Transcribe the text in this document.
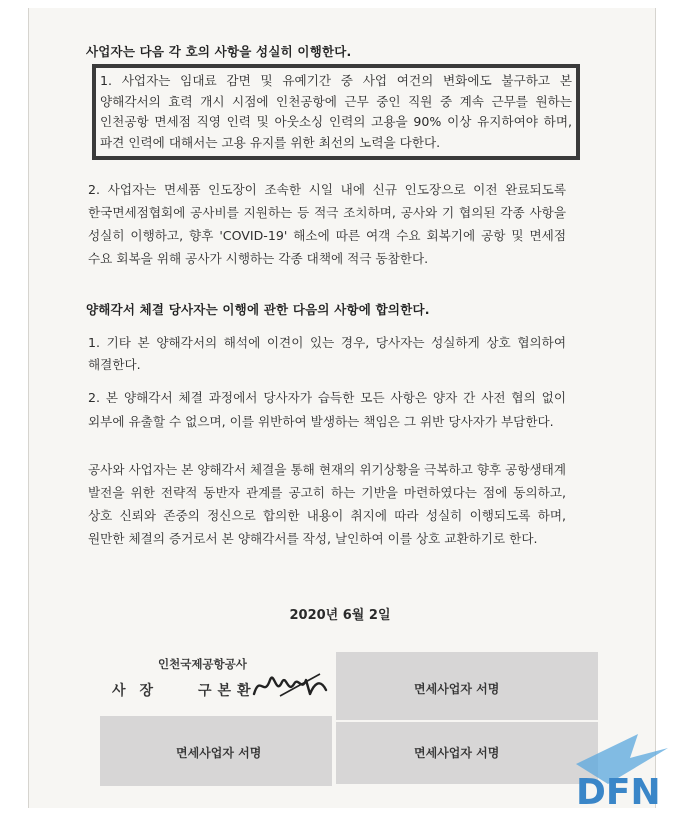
사업자는 다음 각 호의 사항을 성실히 이행한다.
1. 사업자는 임대료 감면 및 유예기간 중 사업 여건의 변화에도 불구하고 본 양해각서의 효력 개시 시점에 인천공항에 근무 중인 직원 중 계속 근무를 원하는 인천공항 면세점 직영 인력 및 아웃소싱 인력의 고용을 90% 이상 유지하여야 하며, 파견 인력에 대해서는 고용 유지를 위한 최선의 노력을 다한다.
2. 사업자는 면세품 인도장이 조속한 시일 내에 신규 인도장으로 이전 완료되도록 한국면세점협회에 공사비를 지원하는 등 적극 조치하며, 공사와 기 협의된 각종 사항을 성실히 이행하고, 향후 'COVID-19' 해소에 따른 여객 수요 회복기에 공항 및 면세점 수요 회복을 위해 공사가 시행하는 각종 대책에 적극 동참한다.
양해각서 체결 당사자는 이행에 관한 다음의 사항에 합의한다.
1. 기타 본 양해각서의 해석에 이견이 있는 경우, 당사자는 성실하게 상호 협의하여 해결한다.
2. 본 양해각서 체결 과정에서 당사자가 습득한 모든 사항은 양자 간 사전 협의 없이 외부에 유출할 수 없으며, 이를 위반하여 발생하는 책임은 그 위반 당사자가 부담한다.
공사와 사업자는 본 양해각서 체결을 통해 현재의 위기상황을 극복하고 향후 공항생태계 발전을 위한 전략적 동반자 관계를 공고히 하는 기반을 마련하였다는 점에 동의하고, 상호 신뢰와 존중의 정신으로 합의한 내용이 취지에 따라 성실히 이행되도록 하며, 원만한 체결의 증거로서 본 양해각서를 작성, 날인하여 이를 상호 교환하기로 한다.
2020년 6월 2일
인천국제공항공사
사장 구본환	면세사업자 서명
면세사업자 서명	면세사업자 서명
DFN
